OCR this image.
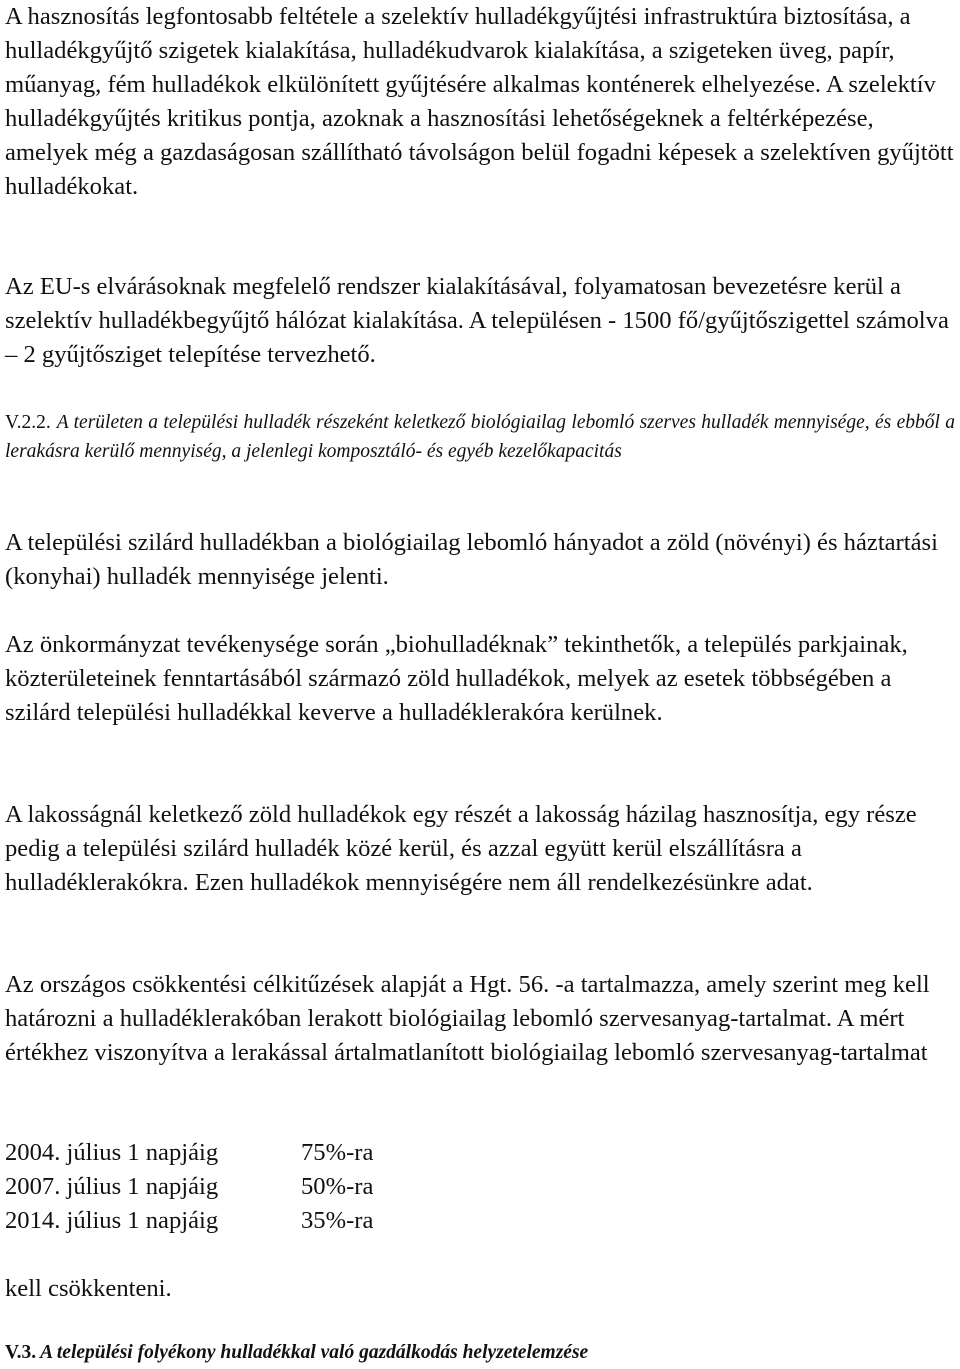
A hasznosítás legfontosabb feltétele a szelektív hulladékgyűjtési infrastruktúra biztosítása, a hulladékgyűjtő szigetek kialakítása, hulladékudvarok kialakítása, a szigeteken üveg, papír, műanyag, fém hulladékok elkülönített gyűjtésére alkalmas konténerek elhelyezése. A szelektív hulladékgyűjtés kritikus pontja, azoknak a hasznosítási lehetőségeknek a feltérképezése, amelyek még a gazdaságosan szállítható távolságon belül fogadni képesek a szelektíven gyűjtött hulladékokat.

Az EU-s elvárásoknak megfelelő rendszer kialakításával, folyamatosan bevezetésre kerül a szelektív hulladékbegyűjtő hálózat kialakítása. A településen - 1500 fő/gyűjtőszigettel számolva – 2 gyűjtősziget telepítése tervezhető.

V.2.2. A területen a települési hulladék részeként keletkező biológiailag lebomló szerves hulladék mennyisége, és ebből a lerakásra kerülő mennyiség, a jelenlegi komposztáló- és egyéb kezelőkapacitás

A települési szilárd hulladékban a biológiailag lebomló hányadot a zöld (növényi) és háztartási (konyhai) hulladék mennyisége jelenti.

Az önkormányzat tevékenysége során „biohulladéknak” tekinthetők, a település parkjainak, közterületeinek fenntartásából származó zöld hulladékok, melyek az esetek többségében a szilárd települési hulladékkal keverve a hulladéklerakóra kerülnek.

A lakosságnál keletkező zöld hulladékok egy részét a lakosság házilag hasznosítja, egy része pedig a települési szilárd hulladék közé kerül, és azzal együtt kerül elszállításra a hulladéklerakókra. Ezen hulladékok mennyiségére nem áll rendelkezésünkre adat.

Az országos csökkentési célkitűzések alapját a Hgt. 56. -a tartalmazza, amely szerint meg kell határozni a hulladéklerakóban lerakott biológiailag lebomló szervesanyag-tartalmat. A mért értékhez viszonyítva a lerakással ártalmatlanított biológiailag lebomló szervesanyag-tartalmat

2004. július 1 napjáig	75%-ra
2007. július 1 napjáig	50%-ra
2014. július 1 napjáig	35%-ra

kell csökkenteni.

V.3. A települési folyékony hulladékkal való gazdálkodás helyzetelemzése
